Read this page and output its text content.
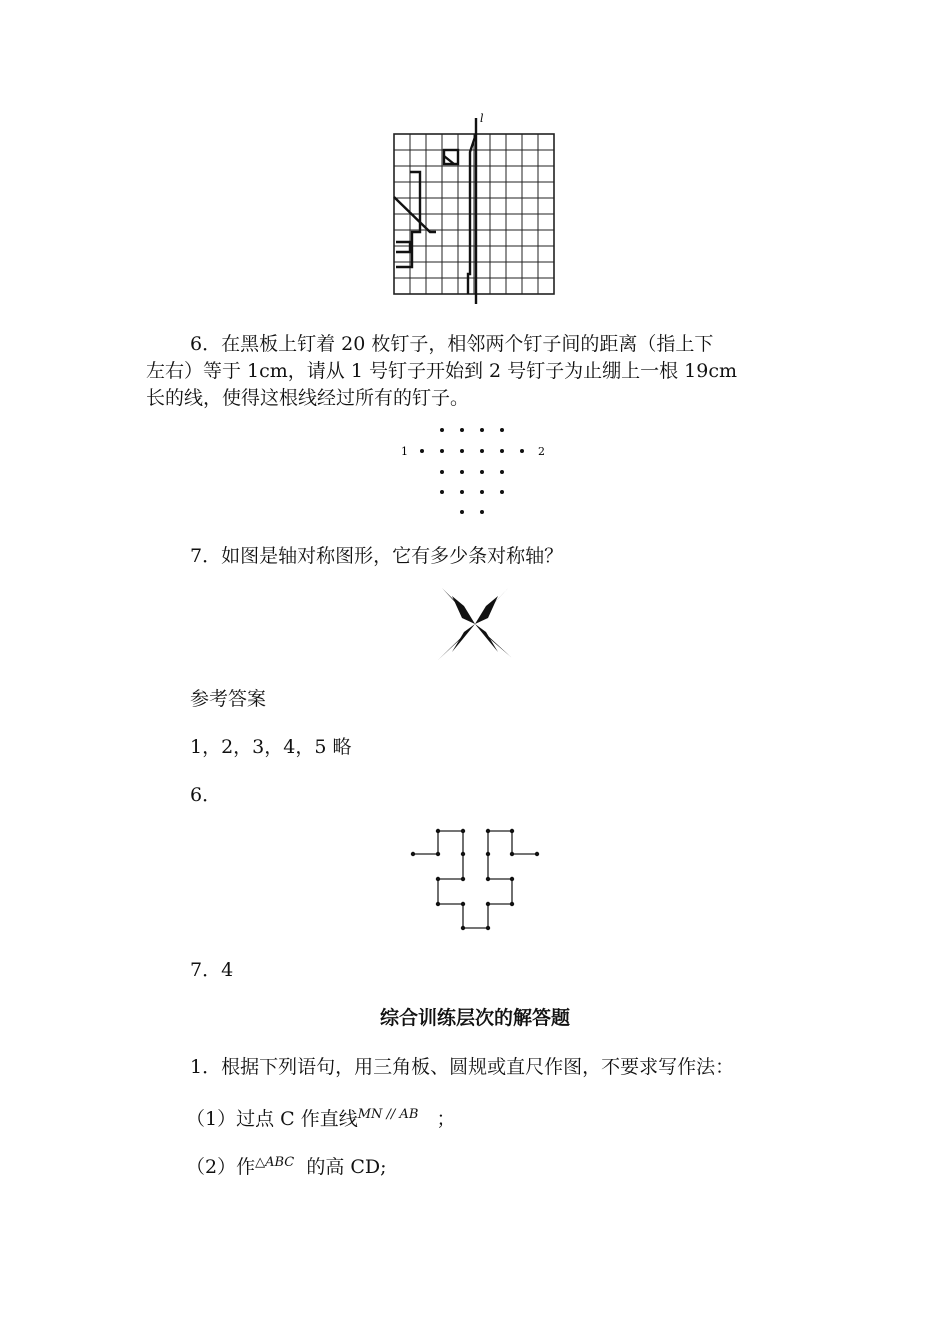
l
6．在黑板上钉着 20 枚钉子，相邻两个钉子间的距离（指上下
左右）等于 1cm，请从 1 号钉子开始到 2 号钉子为止绷上一根 19cm
长的线，使得这根线经过所有的钉子。
1	2
7．如图是轴对称图形，它有多少条对称轴？
参考答案
1，2，3，4，5 略
6．
7．4
综合训练层次的解答题
1．根据下列语句，用三角板、圆规或直尺作图，不要求写作法：
（1）过点 C 作直线$^{MN // AB}$ ；
（2）作$^{\triangle ABC}$ 的高 CD;
